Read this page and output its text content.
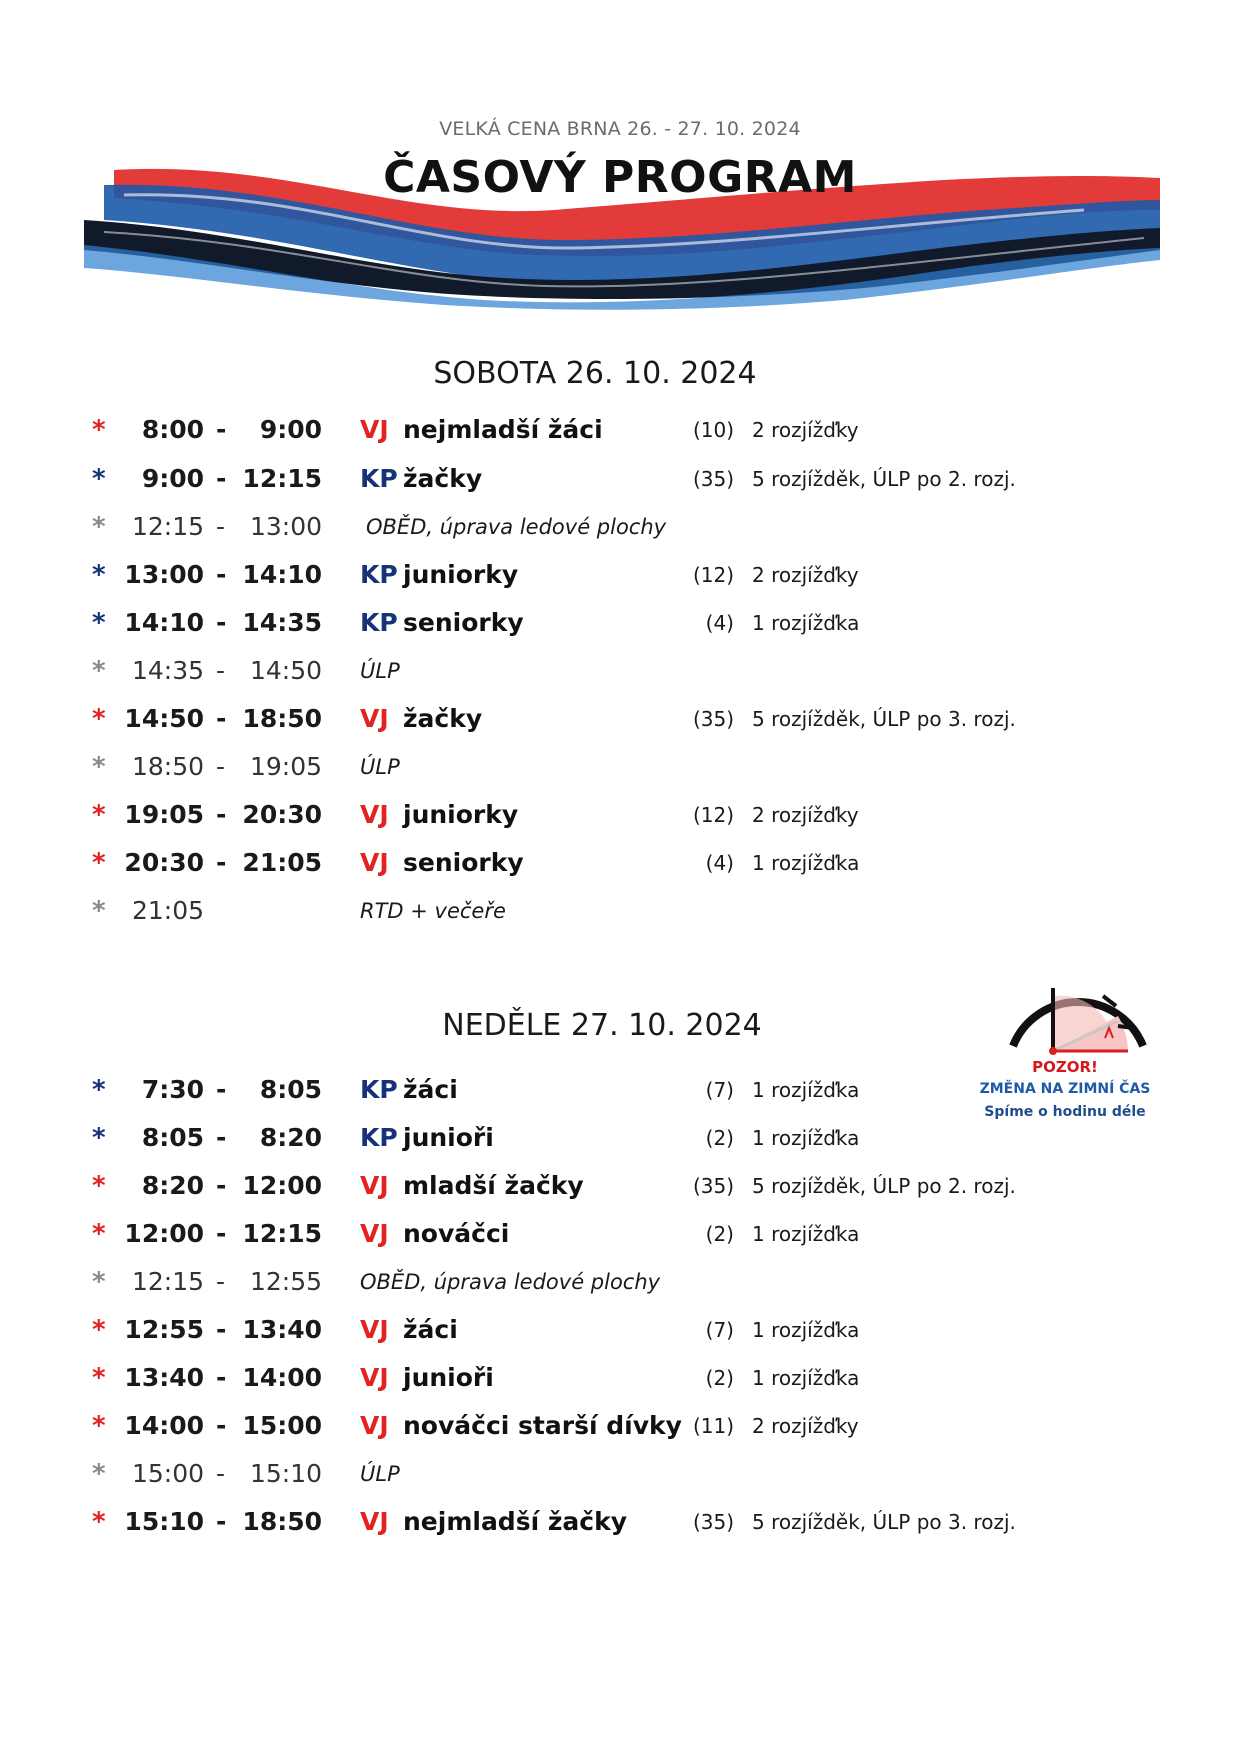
VELKÁ CENA BRNA 26. - 27. 10. 2024
ČASOVÝ PROGRAM
SOBOTA 26. 10. 2024
*	8:00 -	9:00 VJ nejmladší žáci	(10) 2 rozjížďky
*	9:00 - 12:15 KP žačky	(35) 5 rozjížděk, ÚLP po 2. rozj.
*	12:15 - 13:00 OBĚD, úprava ledové plochy
* 13:00 - 14:10 KP juniorky	(12) 2 rozjížďky
* 14:10 - 14:35 KP seniorky	(4) 1 rozjížďka
*	14:35 - 14:50 ÚLP
* 14:50 - 18:50 VJ žačky	(35) 5 rozjížděk, ÚLP po 3. rozj.
*	18:50 - 19:05 ÚLP
* 19:05 - 20:30 VJ juniorky	(12) 2 rozjížďky
* 20:30 - 21:05 VJ seniorky	(4) 1 rozjížďka
*	21:05	RTD + večeře
NEDĚLE 27. 10. 2024
*	7:30 -	8:05 KP žáci	(7) 1 rozjížďka
*	8:05 -	8:20 KP junioři	(2) 1 rozjížďka
*	8:20 - 12:00 VJ mladší žačky	(35) 5 rozjížděk, ÚLP po 2. rozj.
* 12:00 - 12:15 VJ nováčci	(2) 1 rozjížďka
*	12:15 - 12:55 OBĚD, úprava ledové plochy
* 12:55 - 13:40 VJ žáci	(7) 1 rozjížďka
* 13:40 - 14:00 VJ junioři	(2) 1 rozjížďka
* 14:00 - 15:00 VJ nováčci starší dívky (11) 2 rozjížďky
*	15:00 - 15:10 ÚLP
* 15:10 - 18:50 VJ nejmladší žačky	(35) 5 rozjížděk, ÚLP po 3. rozj.
POZOR!
ZMĚNA NA ZIMNÍ ČAS
Spíme o hodinu déle
